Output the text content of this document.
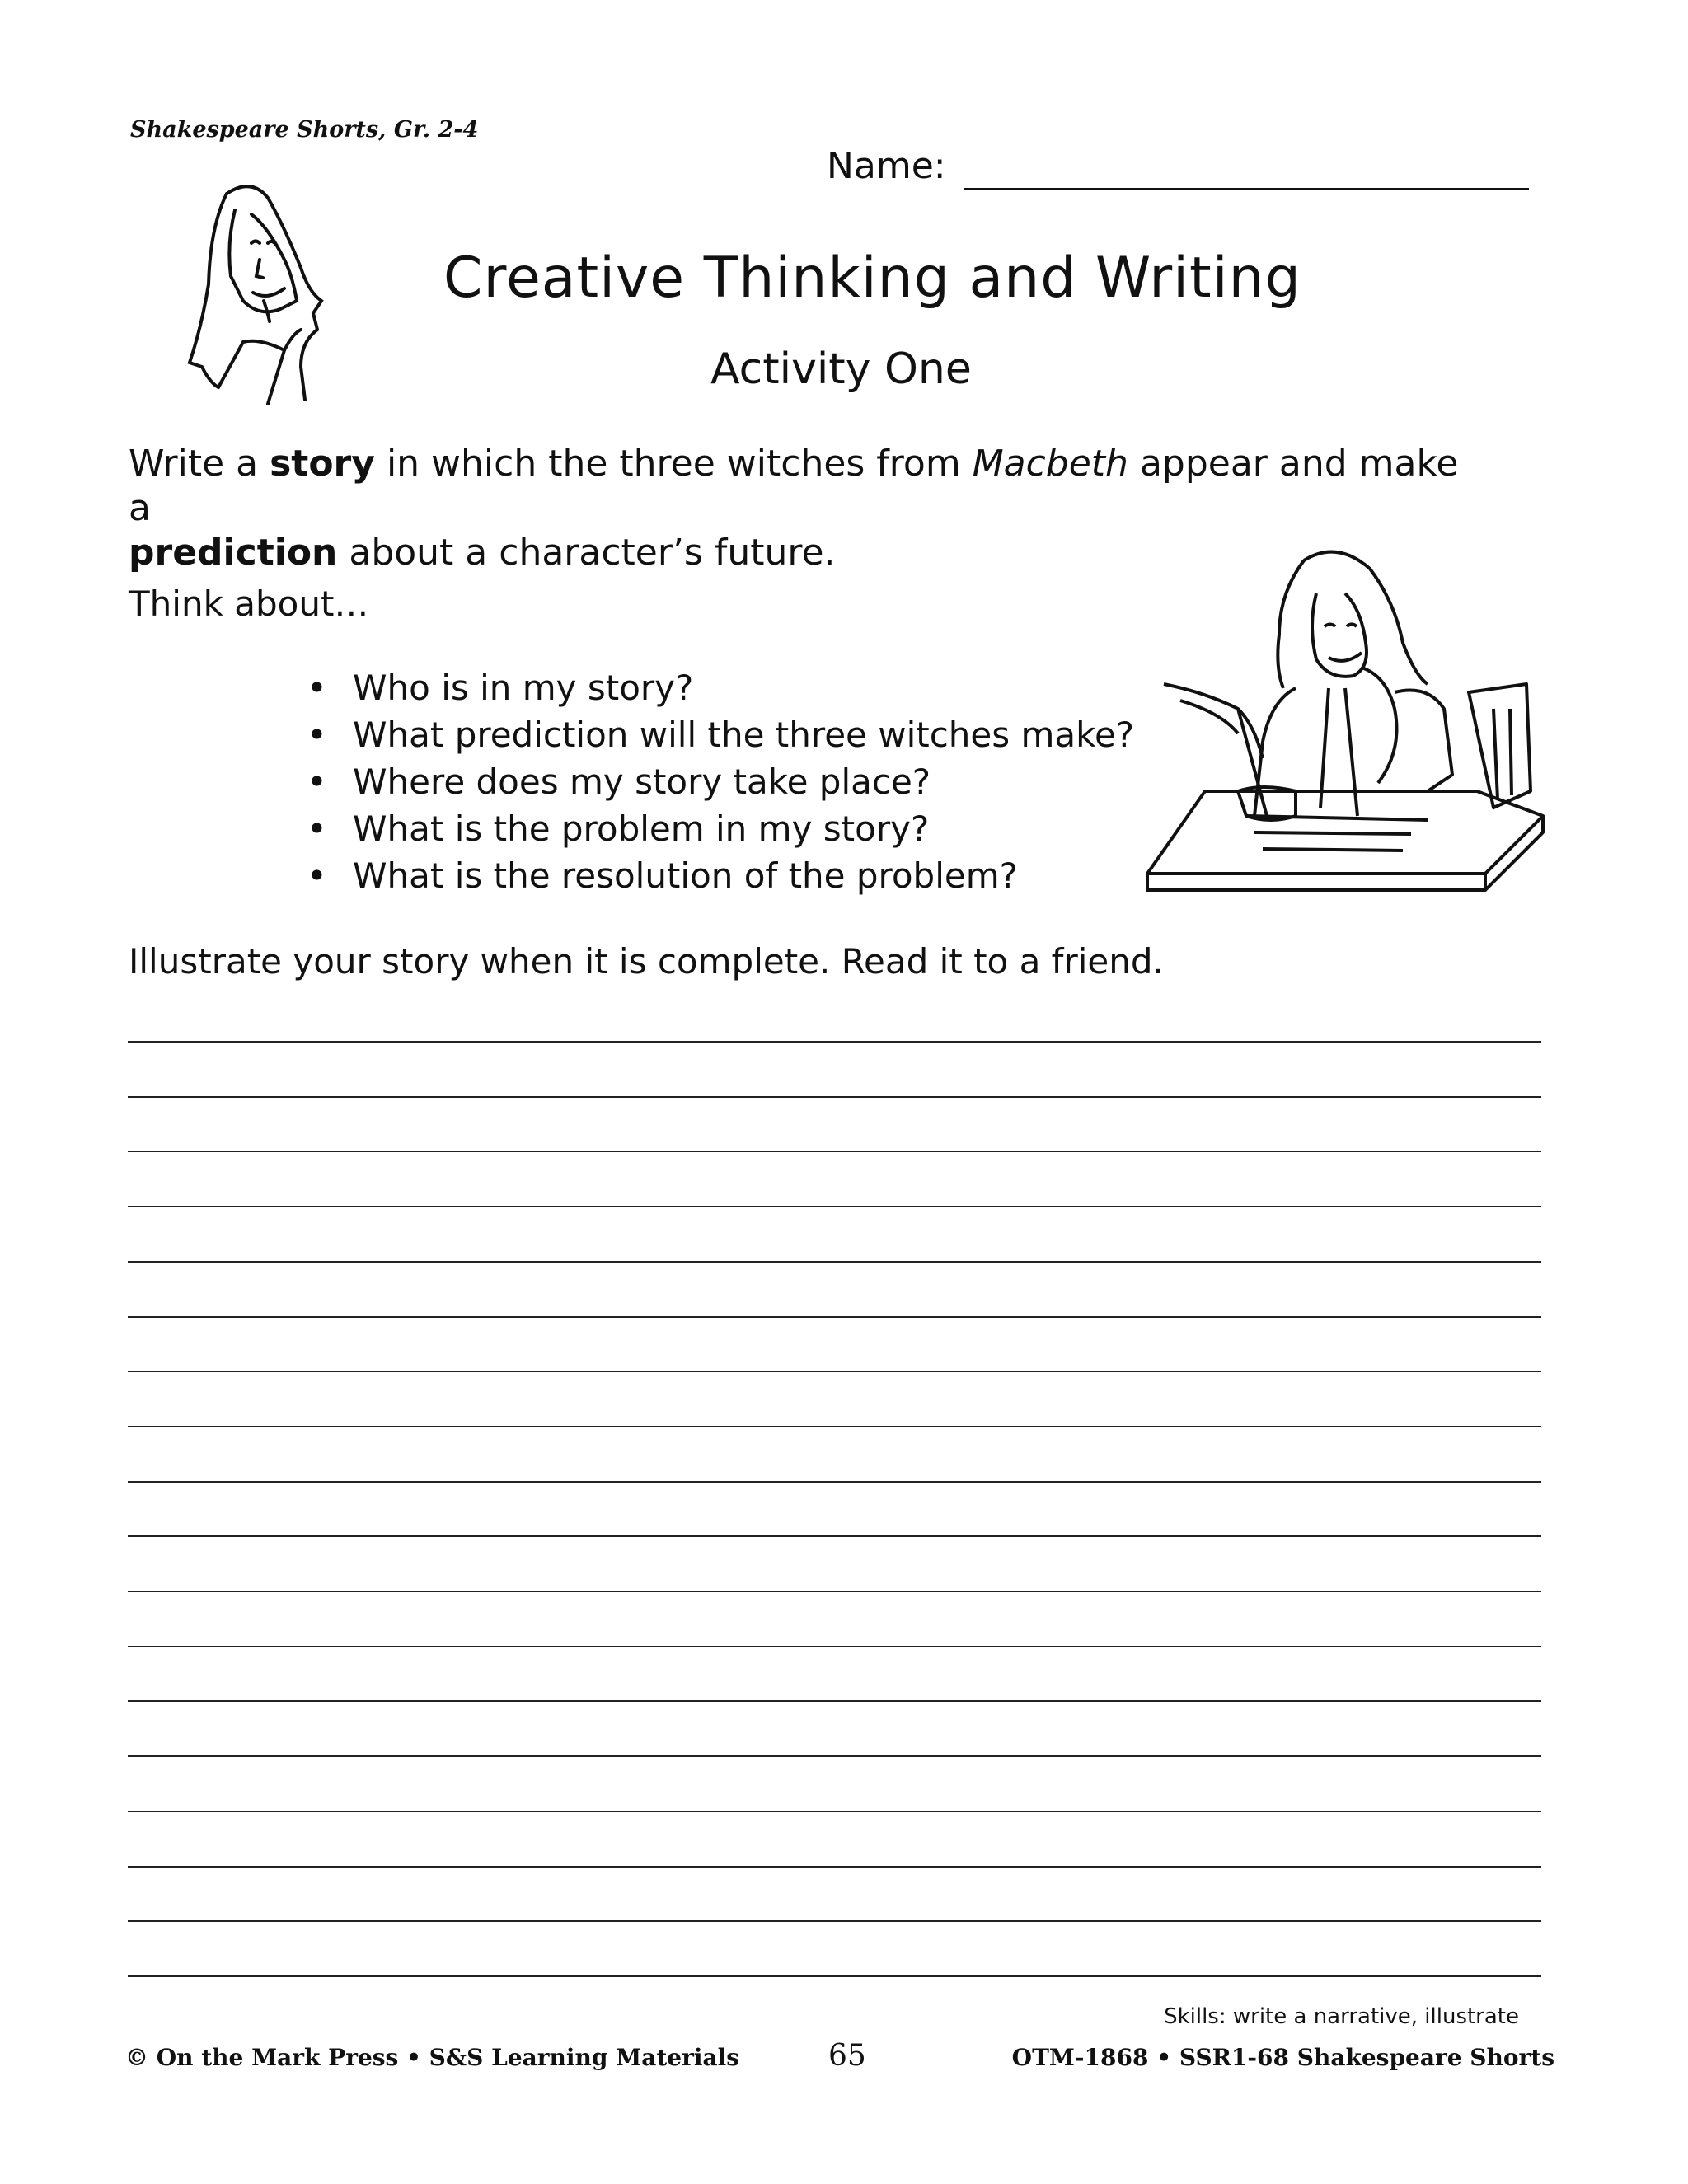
Shakespeare Shorts, Gr. 2-4
Name:
Creative Thinking and Writing
Activity One
Write a story in which the three witches from Macbeth appear and make a
prediction about a character’s future.
Think about…
• Who is in my story?
• What prediction will the three witches make?
• Where does my story take place?
• What is the problem in my story?
• What is the resolution of the problem?
Illustrate your story when it is complete. Read it to a friend.
Skills: write a narrative, illustrate
© On the Mark Press • S&S Learning Materials	65	OTM-1868 • SSR1-68 Shakespeare Shorts
